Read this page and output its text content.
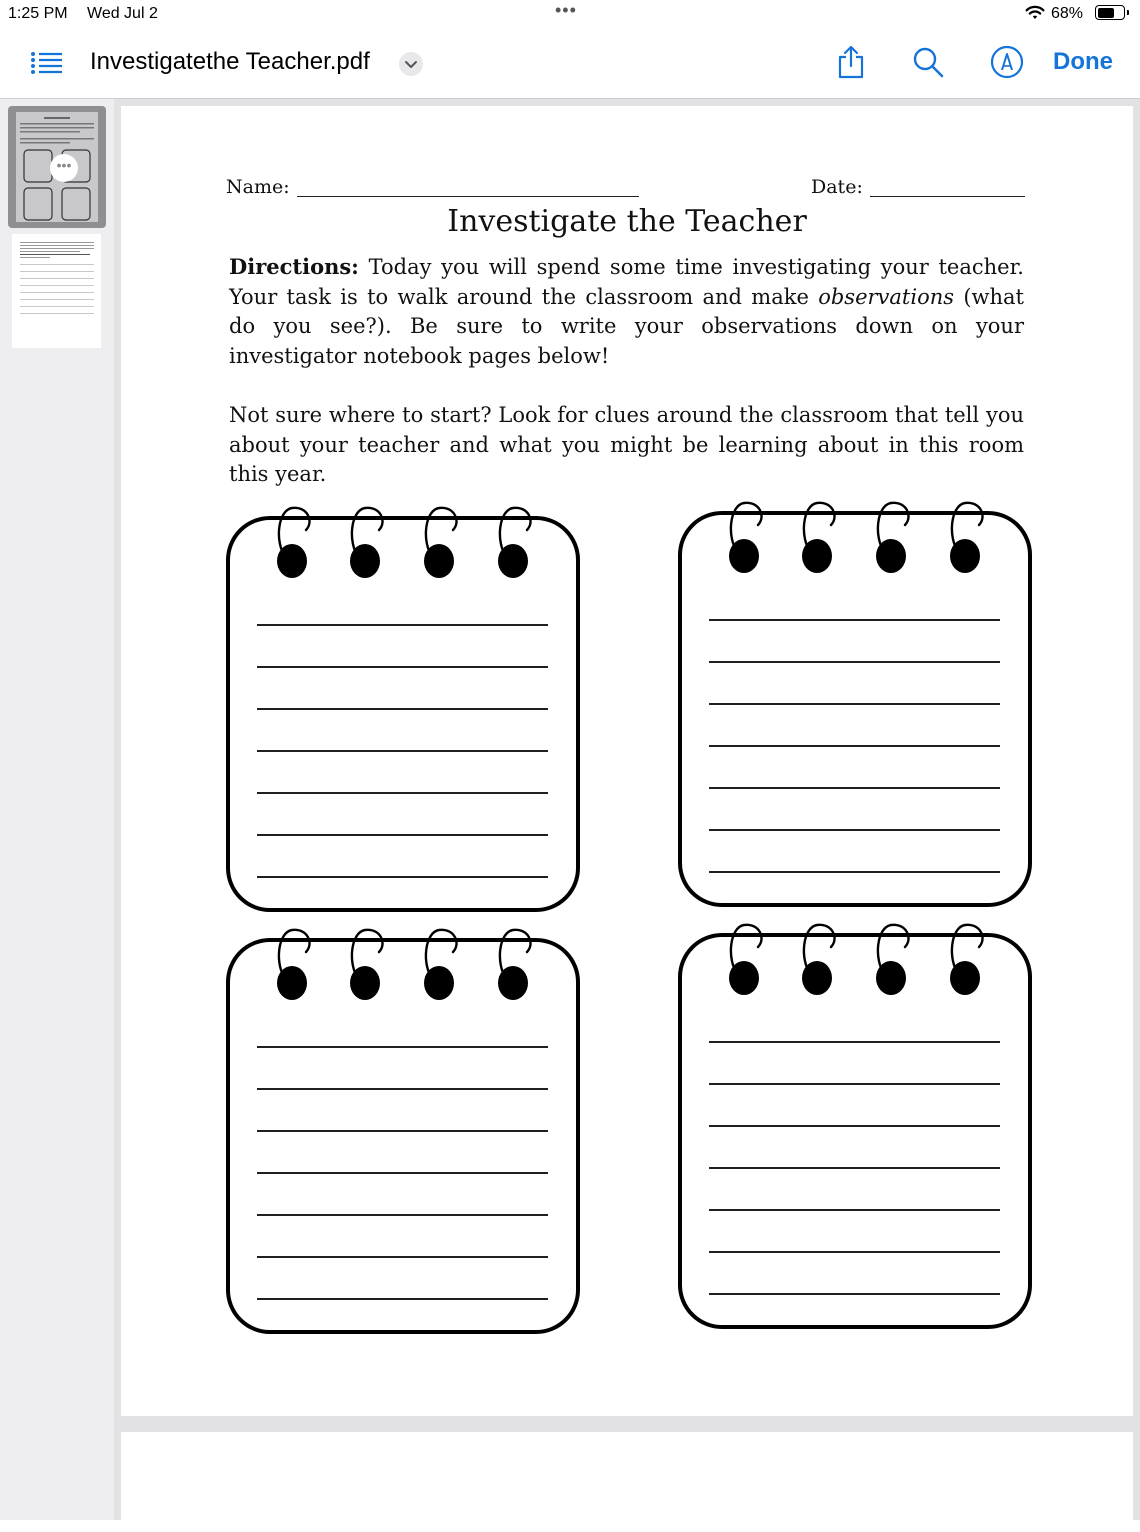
1:25 PM Wed Jul 2	•••	68%
Investigatethe Teacher.pdf	Done
•••
Name:	Date:
Investigate the Teacher
Directions: Today you will spend some time investigating your teacher. Your task is to walk around the classroom and make observations (what do you see?). Be sure to write your observations down on your investigator notebook pages below!
Not sure where to start? Look for clues around the classroom that tell you about your teacher and what you might be learning about in this room this year.
